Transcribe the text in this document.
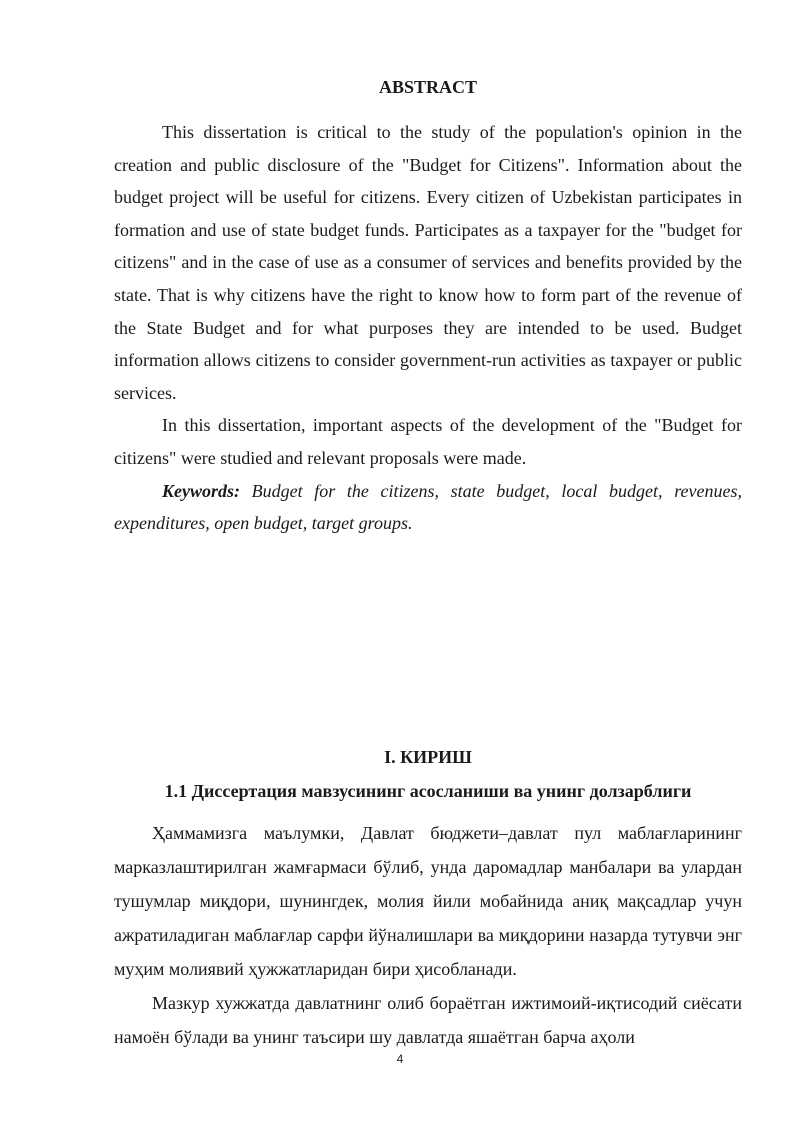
ABSTRACT

This dissertation is critical to the study of the population's opinion in the creation and public disclosure of the "Budget for Citizens". Information about the budget project will be useful for citizens. Every citizen of Uzbekistan participates in formation and use of state budget funds. Participates as a taxpayer for the "budget for citizens" and in the case of use as a consumer of services and benefits provided by the state. That is why citizens have the right to know how to form part of the revenue of the State Budget and for what purposes they are intended to be used. Budget information allows citizens to consider government-run activities as taxpayer or public services.

In this dissertation, important aspects of the development of the "Budget for citizens" were studied and relevant proposals were made.

Keywords: Budget for the citizens, state budget, local budget, revenues, expenditures, open budget, target groups.

I. КИРИШ
1.1 Диссертация мавзусининг асосланиши ва унинг долзарблиги

Ҳаммамизга маълумки, Давлат бюджети–давлат пул маблағларининг марказлаштирилган жамғармаси бўлиб, унда даромадлар манбалари ва улардан тушумлар миқдори, шунингдек, молия йили мобайнида аниқ мақсадлар учун ажратиладиган маблағлар сарфи йўналишлари ва миқдорини назарда тутувчи энг муҳим молиявий ҳужжатларидан бири ҳисобланади.

Мазкур хужжатда давлатнинг олиб бораётган ижтимоий-иқтисодий сиёсати намоён бўлади ва унинг таъсири шу давлатда яшаётган барча аҳоли

4
